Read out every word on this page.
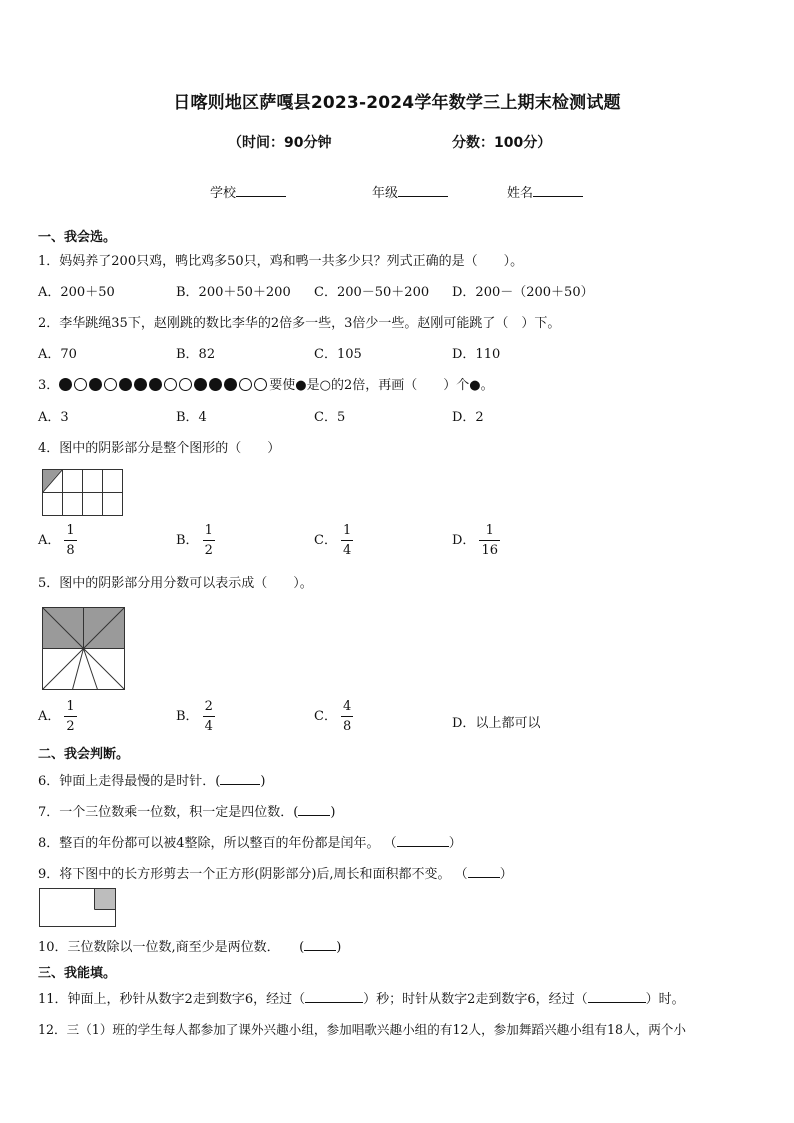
日喀则地区萨嘎县2023-2024学年数学三上期末检测试题
（时间：90分钟	分数：100分）
学校	年级	姓名
一、我会选。
1．妈妈养了200只鸡，鸭比鸡多50只，鸡和鸭一共多少只？列式正确的是（　　）。
A．200＋50	B．200＋50＋200 C．200－50＋200 D．200－（200＋50）
2．李华跳绳35下，赵刚跳的数比李华的2倍多一些，3倍少一些。赵刚可能跳了（　）下。
A．70	B．82	C．105	D．110
3．	要使●是○的2倍，再画（　　）个●。
A．3	B．4	C．5	D．2
4．图中的阴影部分是整个图形的（　　）
A． $\frac{1}{8}$	B． $\frac{1}{2}$	C． $\frac{1}{4}$	D． $\frac{1}{16}$
5．图中的阴影部分用分数可以表示成（　　）。
A． $\frac{1}{2}$	B． $\frac{2}{4}$	C． $\frac{4}{8}$	D．以上都可以
二、我会判断。
6．钟面上走得最慢的是时针．(	)
7．一个三位数乘一位数，积一定是四位数．( )
8．整百的年份都可以被4整除，所以整百的年份都是闰年。 （	）
9．将下图中的长方形剪去一个正方形(阴影部分)后,周长和面积都不变。 （ ）
10．三位数除以一位数,商至少是两位数．　　( )
三、我能填。
11．钟面上，秒针从数字2走到数字6，经过（	）秒；时针从数字2走到数字6，经过（	）时。
12．三（1）班的学生每人都参加了课外兴趣小组，参加唱歌兴趣小组的有12人，参加舞蹈兴趣小组有18人，两个小
